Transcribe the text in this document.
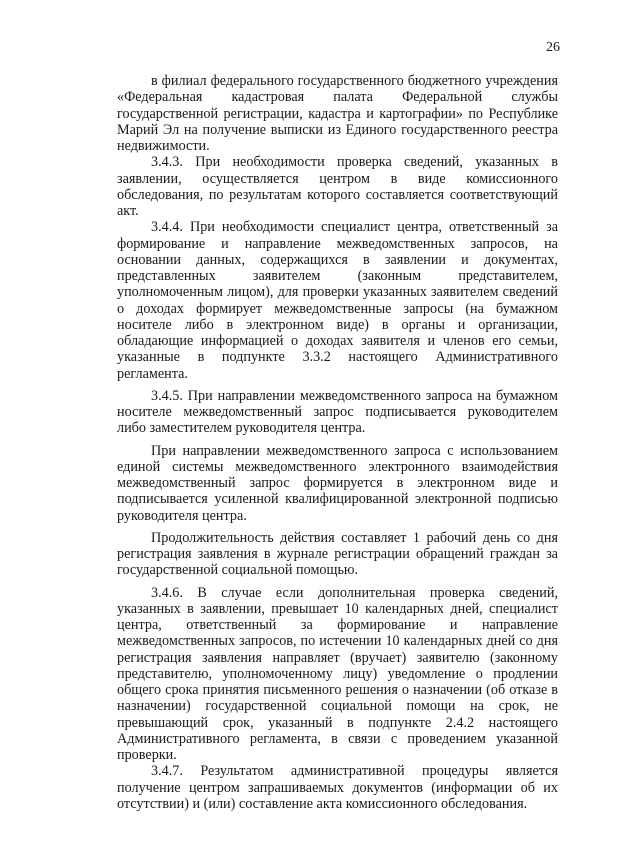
26

в филиал федерального государственного бюджетного учреждения «Федеральная кадастровая палата Федеральной службы государственной регистрации, кадастра и картографии» по Республике Марий Эл на получение выписки из Единого государственного реестра недвижимости.

3.4.3. При необходимости проверка сведений, указанных в заявлении, осуществляется центром в виде комиссионного обследования, по результатам которого составляется соответствующий акт.

3.4.4. При необходимости специалист центра, ответственный за формирование и направление межведомственных запросов, на основании данных, содержащихся в заявлении и документах, представленных заявителем (законным представителем, уполномоченным лицом), для проверки указанных заявителем сведений о доходах формирует межведомственные запросы (на бумажном носителе либо в электронном виде) в органы и организации, обладающие информацией о доходах заявителя и членов его семьи, указанные в подпункте 3.3.2 настоящего Административного регламента.

3.4.5. При направлении межведомственного запроса на бумажном носителе межведомственный запрос подписывается руководителем либо заместителем руководителя центра.

При направлении межведомственного запроса с использованием единой системы межведомственного электронного взаимодействия межведомственный запрос формируется в электронном виде и подписывается усиленной квалифицированной электронной подписью руководителя центра.

Продолжительность действия составляет 1 рабочий день со дня регистрация заявления в журнале регистрации обращений граждан за государственной социальной помощью.

3.4.6. В случае если дополнительная проверка сведений, указанных в заявлении, превышает 10 календарных дней, специалист центра, ответственный за формирование и направление межведомственных запросов, по истечении 10 календарных дней со дня регистрация заявления направляет (вручает) заявителю (законному представителю, уполномоченному лицу) уведомление о продлении общего срока принятия письменного решения о назначении (об отказе в назначении) государственной социальной помощи на срок, не превышающий срок, указанный в подпункте 2.4.2 настоящего Административного регламента, в связи с проведением указанной проверки.

3.4.7. Результатом административной процедуры является получение центром запрашиваемых документов (информации об их отсутствии) и (или) составление акта комиссионного обследования.
